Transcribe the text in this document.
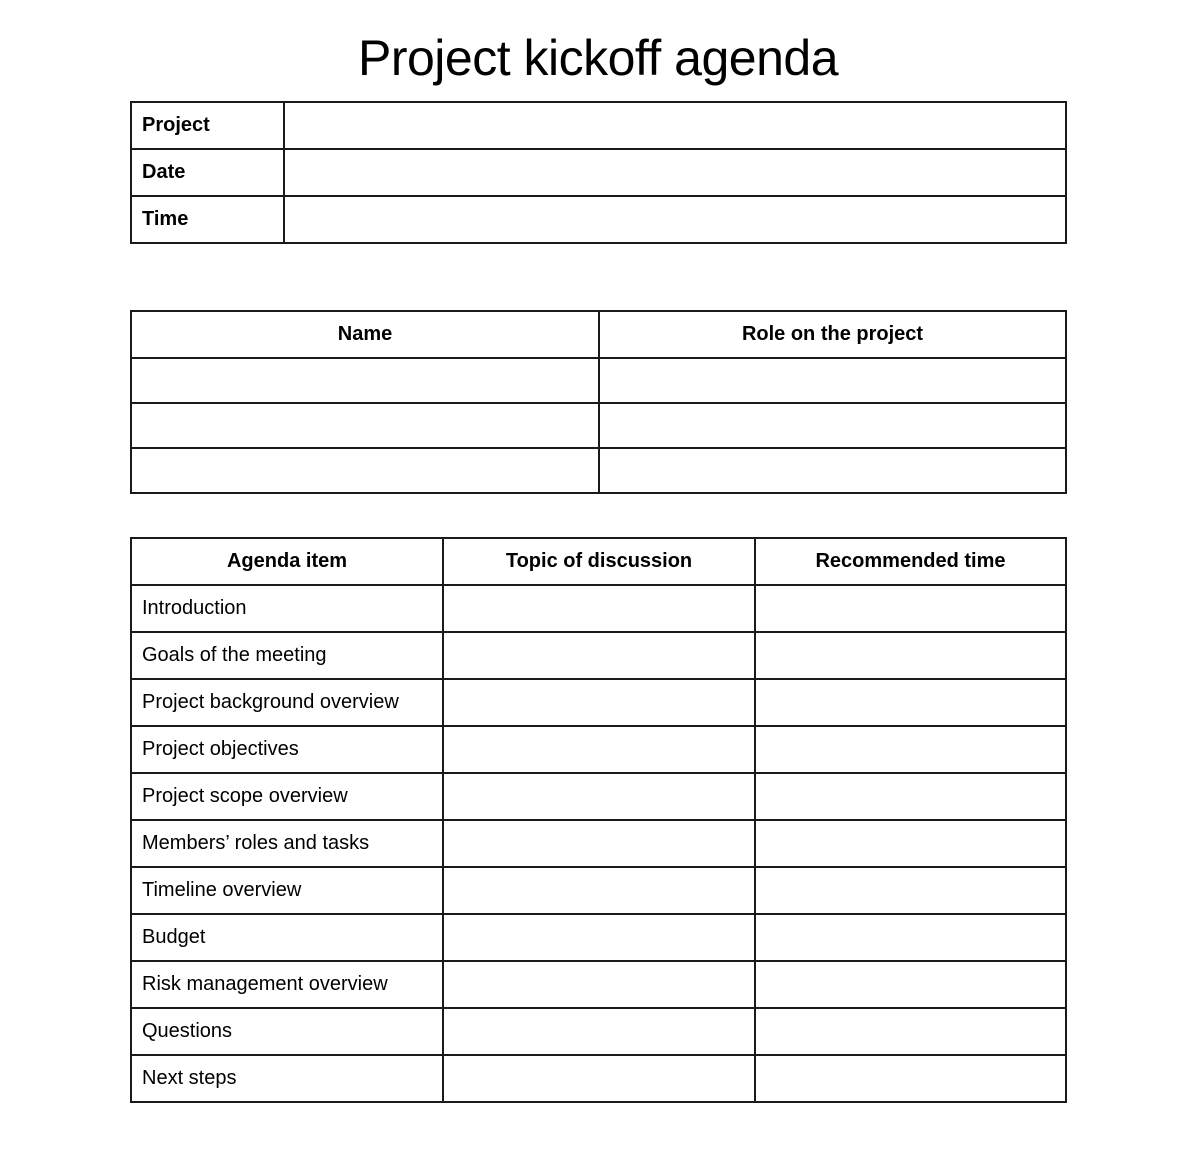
Project kickoff agenda
Project	
Date	
Time	
Name	Role on the project

Agenda item	Topic of discussion	Recommended time
Introduction		
Goals of the meeting		
Project background overview		
Project objectives		
Project scope overview		
Members’ roles and tasks		
Timeline overview		
Budget		
Risk management overview		
Questions		
Next steps		
